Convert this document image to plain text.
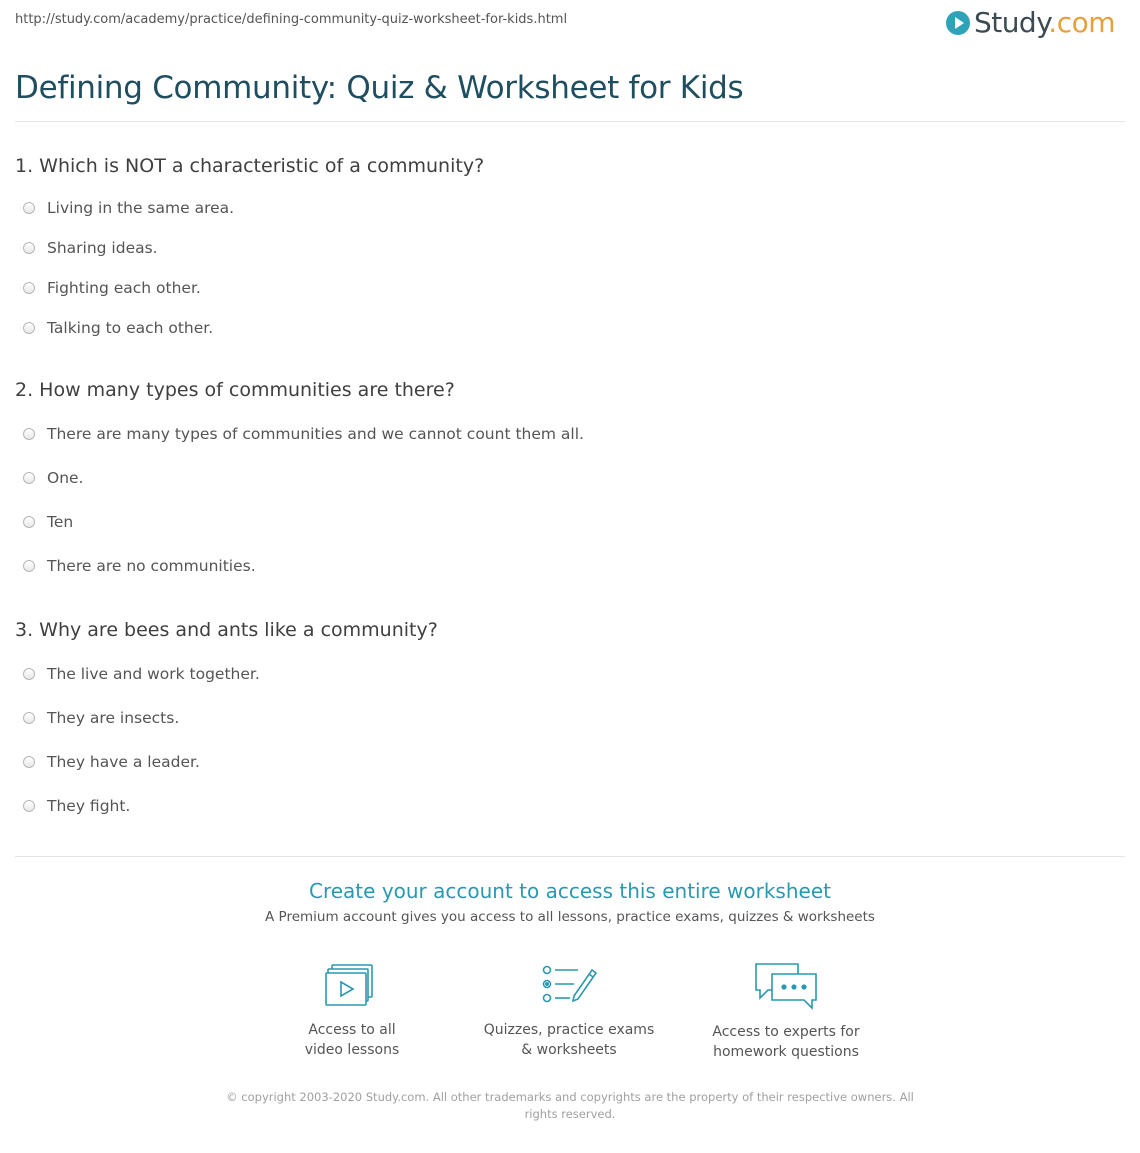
http://study.com/academy/practice/defining-community-quiz-worksheet-for-kids.html	Study.com
Defining Community: Quiz & Worksheet for Kids
1. Which is NOT a characteristic of a community?
Living in the same area.
Sharing ideas.
Fighting each other.
Talking to each other.
2. How many types of communities are there?
There are many types of communities and we cannot count them all.
One.
Ten
There are no communities.
3. Why are bees and ants like a community?
The live and work together.
They are insects.
They have a leader.
They fight.
Create your account to access this entire worksheet
A Premium account gives you access to all lessons, practice exams, quizzes & worksheets
Access to all
video lessons
Quizzes, practice exams
& worksheets
Access to experts for
homework questions
© copyright 2003-2020 Study.com. All other trademarks and copyrights are the property of their respective owners. All rights reserved.
